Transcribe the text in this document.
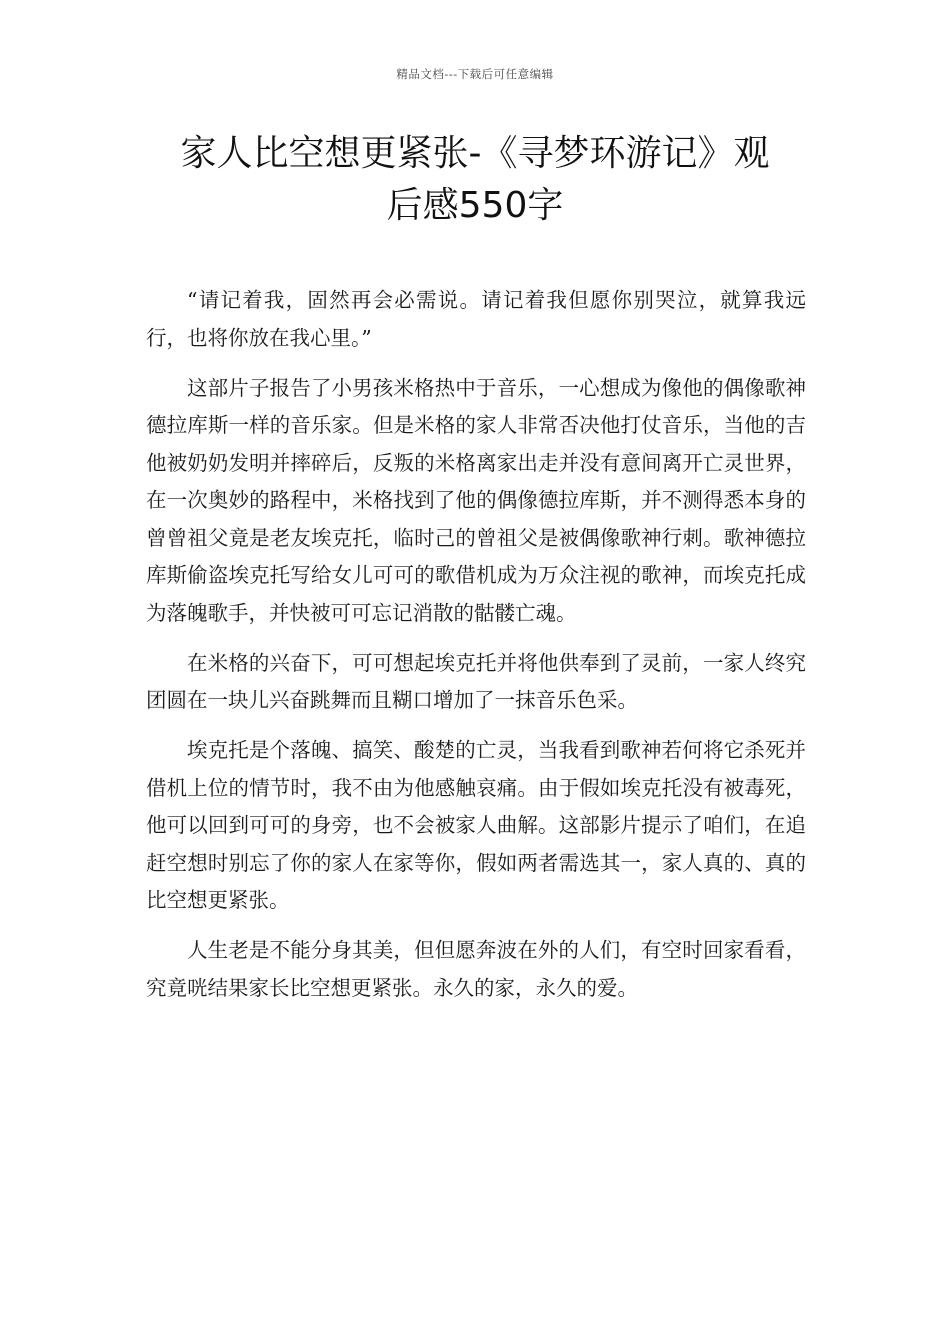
精品文档---下载后可任意编辑
家人比空想更紧张-《寻梦环游记》观
后感550字

“请记着我，固然再会必需说。请记着我但愿你别哭泣，就算我远行，也将你放在我心里。”

这部片子报告了小男孩米格热中于音乐，一心想成为像他的偶像歌神德拉库斯一样的音乐家。但是米格的家人非常否决他打仗音乐，当他的吉他被奶奶发明并摔碎后，反叛的米格离家出走并没有意间离开亡灵世界，在一次奥妙的路程中，米格找到了他的偶像德拉库斯，并不测得悉本身的曾曾祖父竟是老友埃克托，临时己的曾祖父是被偶像歌神行刺。歌神德拉库斯偷盗埃克托写给女儿可可的歌借机成为万众注视的歌神，而埃克托成为落魄歌手，并快被可可忘记消散的骷髅亡魂。

在米格的兴奋下，可可想起埃克托并将他供奉到了灵前，一家人终究团圆在一块儿兴奋跳舞而且糊口增加了一抹音乐色采。

埃克托是个落魄、搞笑、酸楚的亡灵，当我看到歌神若何将它杀死并借机上位的情节时，我不由为他感触哀痛。由于假如埃克托没有被毒死，他可以回到可可的身旁，也不会被家人曲解。这部影片提示了咱们，在追赶空想时别忘了你的家人在家等你，假如两者需选其一，家人真的、真的比空想更紧张。

人生老是不能分身其美，但但愿奔波在外的人们，有空时回家看看，究竟咣结果家长比空想更紧张。永久的家，永久的爱。
